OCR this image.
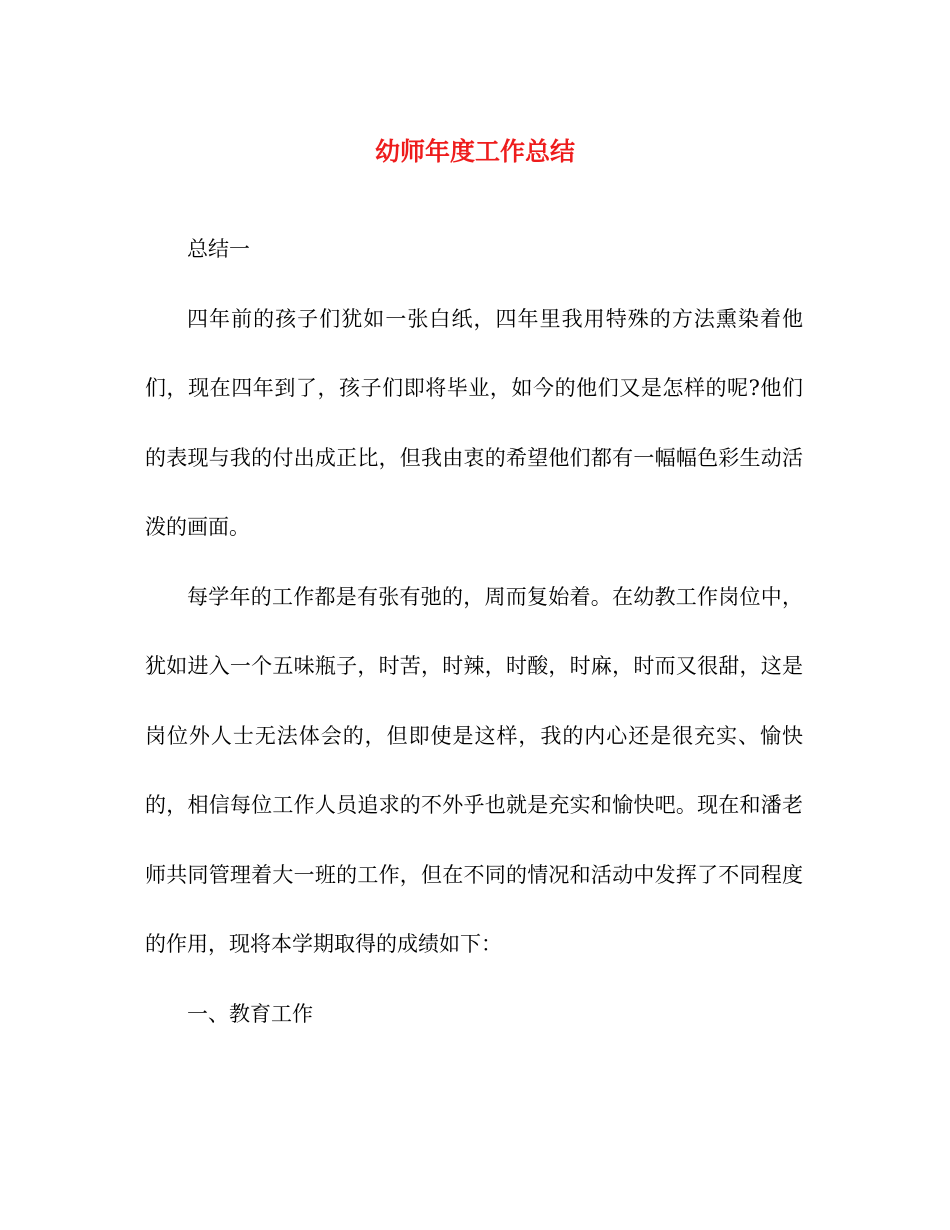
幼师年度工作总结

总结一

四年前的孩子们犹如一张白纸，四年里我用特殊的方法熏染着他们，现在四年到了，孩子们即将毕业，如今的他们又是怎样的呢?他们的表现与我的付出成正比，但我由衷的希望他们都有一幅幅色彩生动活泼的画面。

每学年的工作都是有张有弛的，周而复始着。在幼教工作岗位中，犹如进入一个五味瓶子，时苦，时辣，时酸，时麻，时而又很甜，这是岗位外人士无法体会的，但即使是这样，我的内心还是很充实、愉快的，相信每位工作人员追求的不外乎也就是充实和愉快吧。现在和潘老师共同管理着大一班的工作，但在不同的情况和活动中发挥了不同程度的作用，现将本学期取得的成绩如下：

一、教育工作
